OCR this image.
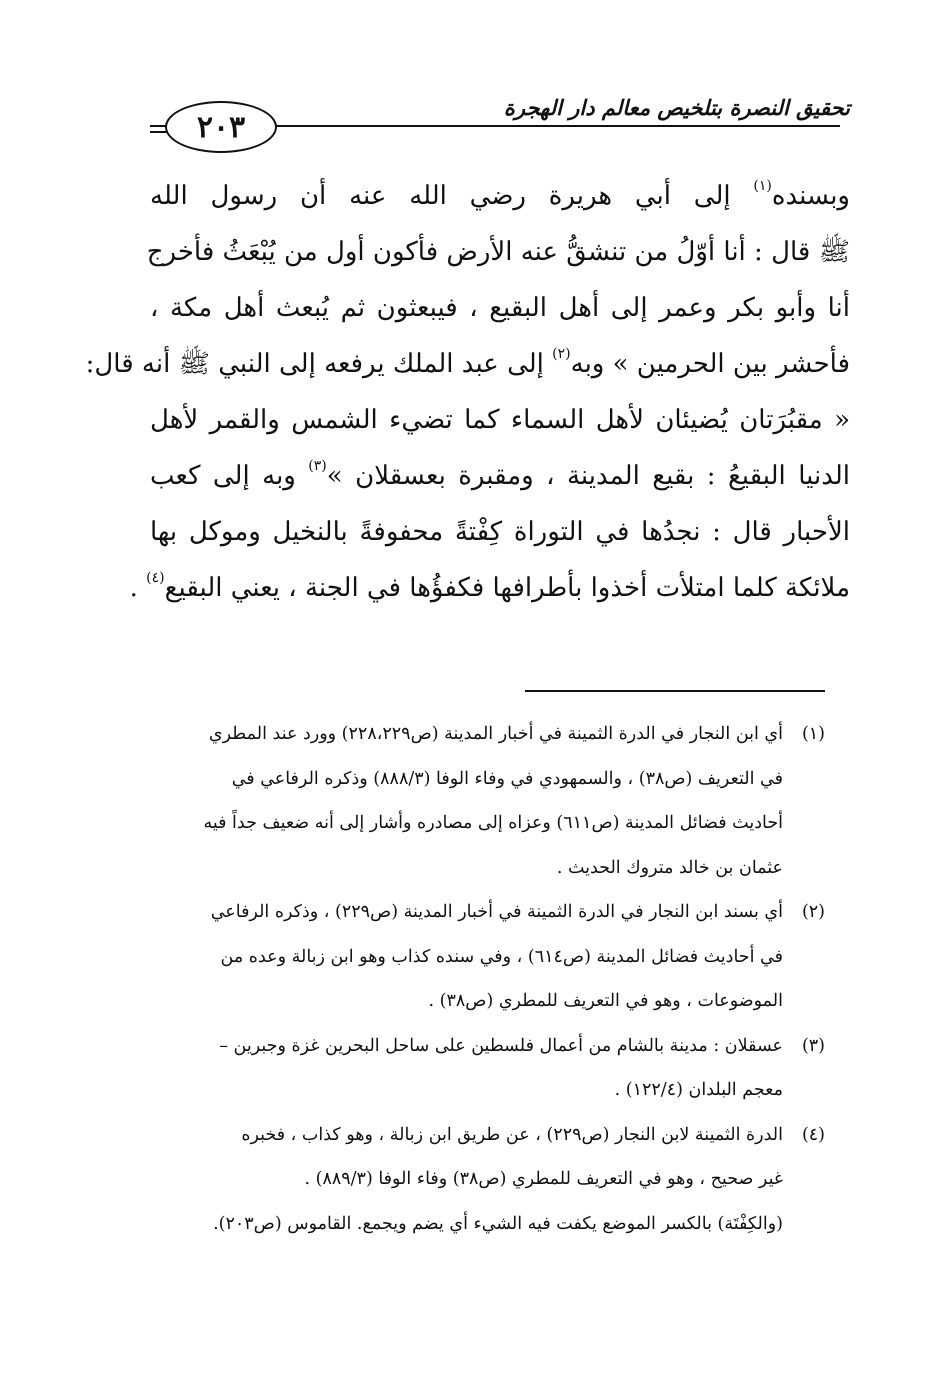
٢٠٣
تحقيق النصرة بتلخيص معالم دار الهجرة
وبسنده$^{(١)}$ إلى أبي هريرة رضي الله عنه أن رسول الله
ﷺ قال : أنا أوّلُ من تنشقُّ عنه الأرض فأكون أول من يُبْعَثُ فأخرج
أنا وأبو بكر وعمر إلى أهل البقيع ، فيبعثون ثم يُبعث أهل مكة ،
فأحشر بين الحرمين » وبه$^{(٢)}$ إلى عبد الملك يرفعه إلى النبي ﷺ أنه قال:
« مقبُرَتان يُضيئان لأهل السماء كما تضيء الشمس والقمر لأهل
الدنيا البقيعُ : بقيع المدينة ، ومقبرة بعسقلان »$^{(٣)}$ وبه إلى كعب
الأحبار قال : نجدُها في التوراة كِفْتةً محفوفةً بالنخيل وموكل بها
ملائكة كلما امتلأت أخذوا بأطرافها فكفؤُها في الجنة ، يعني البقيع$^{(٤)}$ .
(١)
أي ابن النجار في الدرة الثمينة في أخبار المدينة (ص٢٢٨،٢٢٩) وورد عند المطري
في التعريف (ص٣٨) ، والسمهودي في وفاء الوفا (٨٨٨/٣) وذكره الرفاعي في
أحاديث فضائل المدينة (ص٦١١) وعزاه إلى مصادره وأشار إلى أنه ضعيف جداً فيه
عثمان بن خالد متروك الحديث .
(٢)
أي بسند ابن النجار في الدرة الثمينة في أخبار المدينة (ص٢٢٩) ، وذكره الرفاعي
في أحاديث فضائل المدينة (ص٦١٤) ، وفي سنده كذاب وهو ابن زبالة وعده من
الموضوعات ، وهو في التعريف للمطري (ص٣٨) .
(٣)
عسقلان : مدينة بالشام من أعمال فلسطين على ساحل البحرين غزة وجبرين –
معجم البلدان (١٢٢/٤) .
(٤)
الدرة الثمينة لابن النجار (ص٢٢٩) ، عن طريق ابن زبالة ، وهو كذاب ، فخبره
غير صحيح ، وهو في التعريف للمطري (ص٣٨) وفاء الوفا (٨٨٩/٣) .
(والكِفْتَة) بالكسر الموضع يكفت فيه الشيء أي يضم ويجمع. القاموس (ص٢٠٣).
